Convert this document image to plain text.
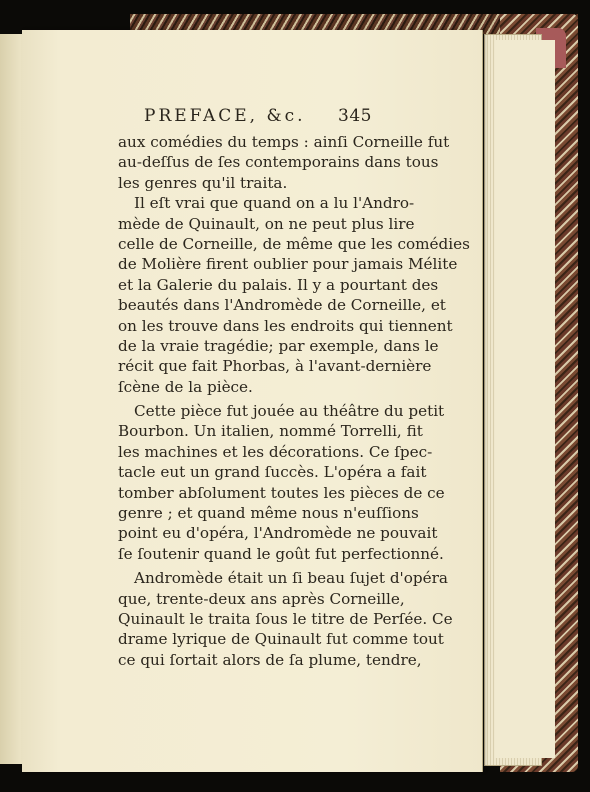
PREFACE, &c. 345
aux comédies du temps : ainſi Corneille fut
au-deſſus de ſes contemporains dans tous
les genres qu'il traita.
Il eſt vrai que quand on a lu l'Andro-
mède de Quinault, on ne peut plus lire
celle de Corneille, de même que les comédies
de Molière firent oublier pour jamais Mélite
et la Galerie du palais. Il y a pourtant des
beautés dans l'Andromède de Corneille, et
on les trouve dans les endroits qui tiennent
de la vraie tragédie; par exemple, dans le
récit que fait Phorbas, à l'avant-dernière
ſcène de la pièce.
Cette pièce fut jouée au théâtre du petit
Bourbon. Un italien, nommé Torrelli, fit
les machines et les décorations. Ce ſpec-
tacle eut un grand ſuccès. L'opéra a fait
tomber abſolument toutes les pièces de ce
genre ; et quand même nous n'euſſions
point eu d'opéra, l'Andromède ne pouvait
ſe ſoutenir quand le goût fut perfectionné.
Andromède était un ſi beau ſujet d'opéra
que, trente-deux ans après Corneille,
Quinault le traita ſous le titre de Perſée. Ce
drame lyrique de Quinault fut comme tout
ce qui ſortait alors de ſa plume, tendre,
